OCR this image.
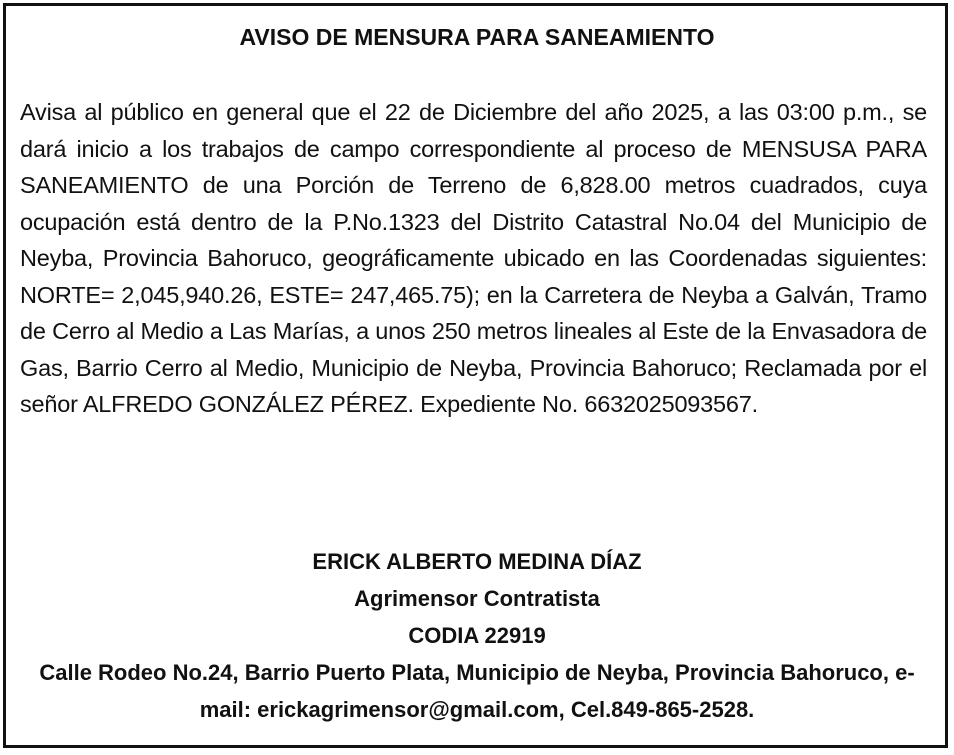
AVISO DE MENSURA PARA SANEAMIENTO

Avisa al público en general que el 22 de Diciembre del año 2025, a las 03:00 p.m., se dará inicio a los trabajos de campo correspondiente al proceso de MENSUSA PARA SANEAMIENTO de una Porción de Terreno de 6,828.00 metros cuadrados, cuya ocupación está dentro de la P.No.1323 del Distrito Catastral No.04 del Municipio de Neyba, Provincia Bahoruco, geográficamente ubicado en las Coordenadas siguientes: NORTE= 2,045,940.26, ESTE= 247,465.75); en la Carretera de Neyba a Galván, Tramo de Cerro al Medio a Las Marías, a unos 250 metros lineales al Este de la Envasadora de Gas, Barrio Cerro al Medio, Municipio de Neyba, Provincia Bahoruco; Reclamada por el señor ALFREDO GONZÁLEZ PÉREZ. Expediente No. 6632025093567.

ERICK ALBERTO MEDINA DÍAZ
Agrimensor Contratista
CODIA 22919
Calle Rodeo No.24, Barrio Puerto Plata, Municipio de Neyba, Provincia Bahoruco, e-mail: erickagrimensor@gmail.com, Cel.849-865-2528.
